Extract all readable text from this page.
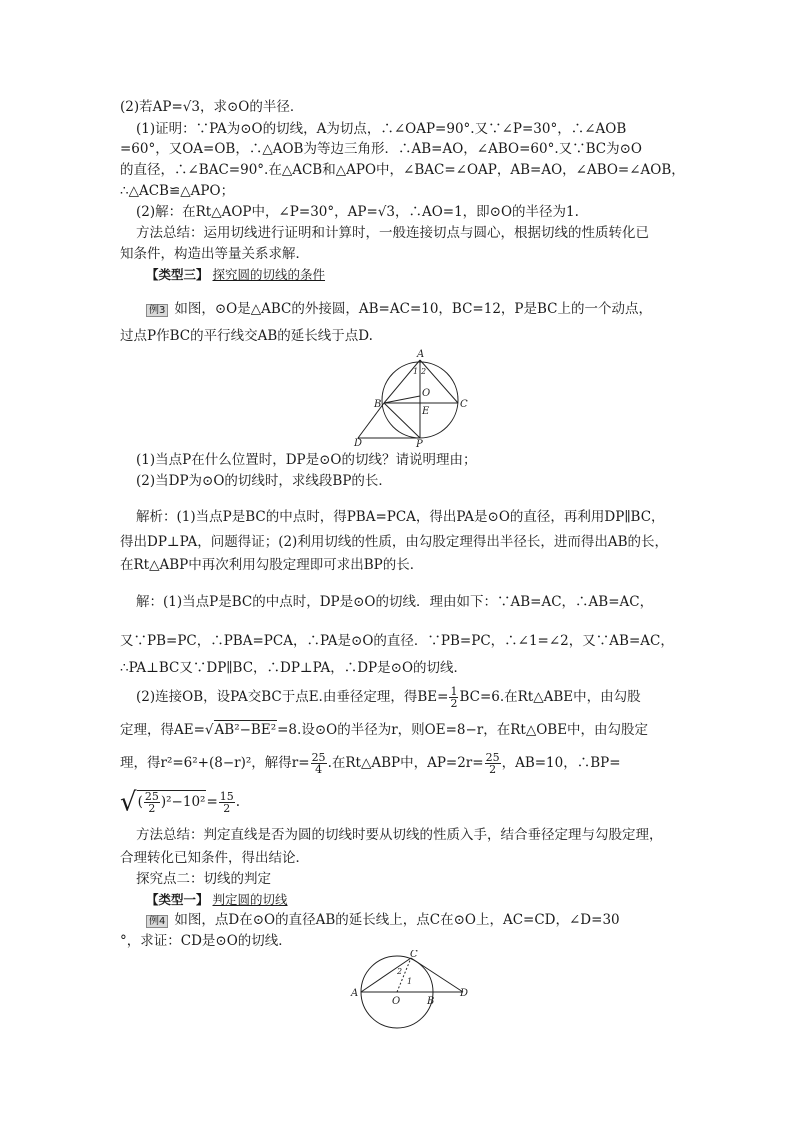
(2)若AP=√3，求⊙O的半径．
(1)证明：∵PA为⊙O的切线，A为切点，∴∠OAP=90°.又∵∠P=30°，∴∠AOB
=60°，又OA=OB，∴△AOB为等边三角形．∴AB=AO，∠ABO=60°.又∵BC为⊙O
的直径，∴∠BAC=90°.在△ACB和△APO中，∠BAC=∠OAP，AB=AO，∠ABO=∠AOB，
∴△ACB≌△APO；
(2)解：在Rt△AOP中，∠P=30°，AP=√3，∴AO=1，即⊙O的半径为1.
方法总结：运用切线进行证明和计算时，一般连接切点与圆心，根据切线的性质转化已
知条件，构造出等量关系求解．
【类型三】 探究圆的切线的条件
例3 如图，⊙O是△ABC的外接圆，AB=AC=10，BC=12，P是BC上的一个动点，
过点P作BC的平行线交AB的延长线于点D.
A
1 2
O
B
E
C
D	P
(1)当点P在什么位置时，DP是⊙O的切线？请说明理由；
(2)当DP为⊙O的切线时，求线段BP的长．
解析：(1)当点P是BC的中点时，得PBA=PCA，得出PA是⊙O的直径，再利用DP∥BC，
得出DP⊥PA，问题得证；(2)利用切线的性质，由勾股定理得出半径长，进而得出AB的长，
在Rt△ABP中再次利用勾股定理即可求出BP的长．
解：(1)当点P是BC的中点时，DP是⊙O的切线．理由如下：∵AB=AC，∴AB=AC，
又∵PB=PC，∴PBA=PCA，∴PA是⊙O的直径．∵PB=PC，∴∠1=∠2，又∵AB=AC，
∴PA⊥BC又∵DP∥BC，∴DP⊥PA，∴DP是⊙O的切线．
(2)连接OB，设PA交BC于点E.由垂径定理，得$BE= \frac{1}{2} BC=6$.在Rt△ABE中，由勾股
定理，得AE=√AB²−BE²=8.设⊙O的半径为r，则OE=8−r，在Rt△OBE中，由勾股定
理，得r²=6²+(8−r)²，解得$r= \frac{25}{4}$ .在Rt△ABP中，$AP=2r= \frac{25}{2}$ ，AB=10，∴BP=
√( $\frac{25}{2} )^2-10^2= \frac{15}{2}$ .
方法总结：判定直线是否为圆的切线时要从切线的性质入手，结合垂径定理与勾股定理，
合理转化已知条件，得出结论．
探究点二：切线的判定
【类型一】 判定圆的切线
例4 如图，点D在⊙O的直径AB的延长线上，点C在⊙O上，AC=CD，∠D=30
°，求证：CD是⊙O的切线．
C
2
1
A
O	B
D
